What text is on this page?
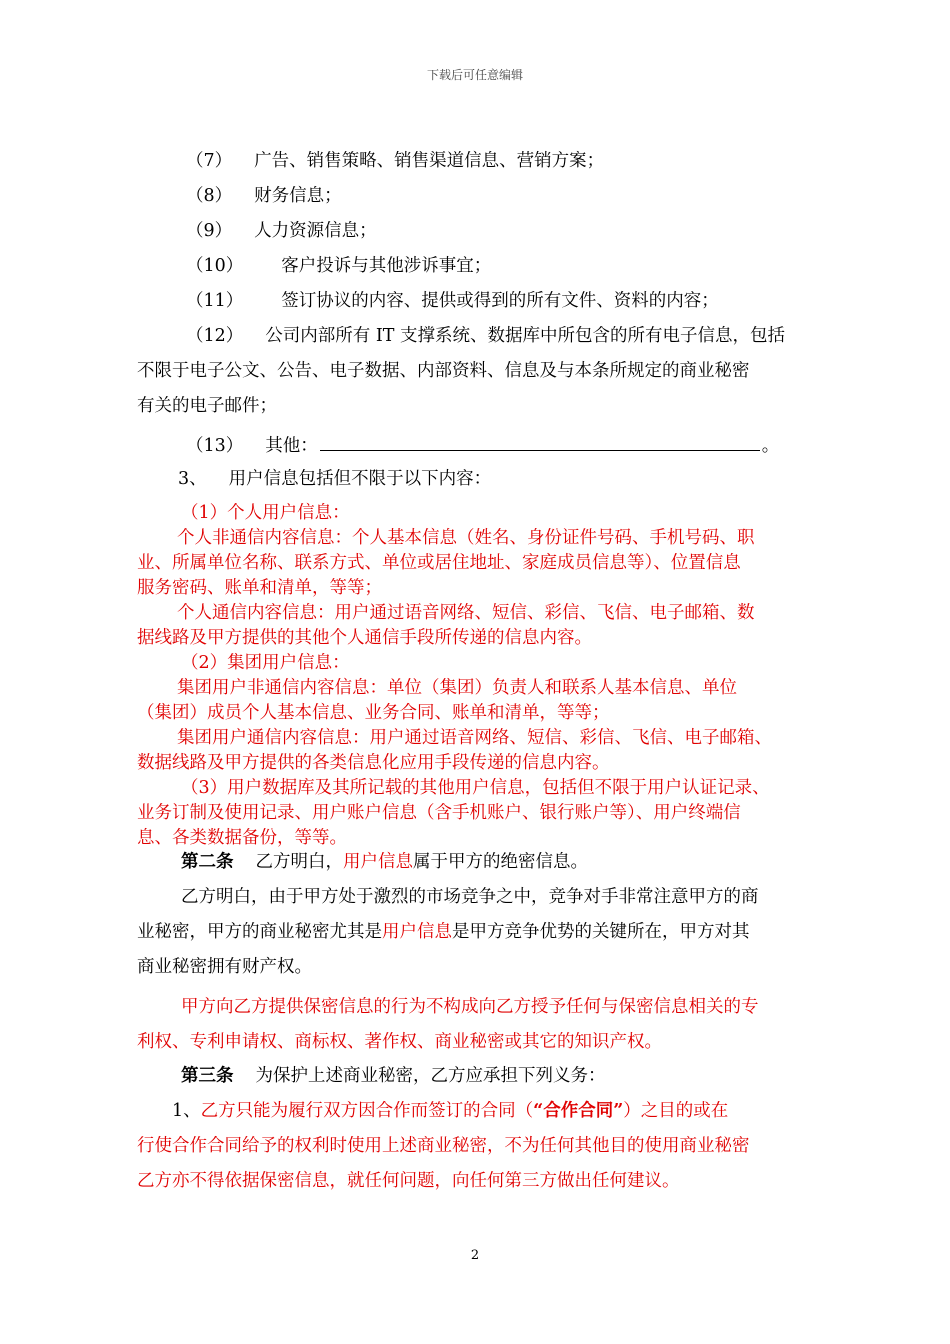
下载后可任意编辑
（7） 广告、销售策略、销售渠道信息、营销方案；
（8） 财务信息；
（9） 人力资源信息；
（10） 客户投诉与其他涉诉事宜；
（11） 签订协议的内容、提供或得到的所有文件、资料的内容；
（12） 公司内部所有 IT 支撑系统、数据库中所包含的所有电子信息，包括
不限于电子公文、公告、电子数据、内部资料、信息及与本条所规定的商业秘密
有关的电子邮件；
（13） 其他：	。
3、 用户信息包括但不限于以下内容：
（1）个人用户信息：
个人非通信内容信息：个人基本信息（姓名、身份证件号码、手机号码、职
业、所属单位名称、联系方式、单位或居住地址、家庭成员信息等）、位置信息
服务密码、账单和清单，等等；
个人通信内容信息：用户通过语音网络、短信、彩信、飞信、电子邮箱、数
据线路及甲方提供的其他个人通信手段所传递的信息内容。
（2）集团用户信息：
集团用户非通信内容信息：单位（集团）负责人和联系人基本信息、单位
（集团）成员个人基本信息、业务合同、账单和清单，等等；
集团用户通信内容信息：用户通过语音网络、短信、彩信、飞信、电子邮箱、
数据线路及甲方提供的各类信息化应用手段传递的信息内容。
（3）用户数据库及其所记载的其他用户信息，包括但不限于用户认证记录、
业务订制及使用记录、用户账户信息（含手机账户、银行账户等）、用户终端信
息、各类数据备份，等等。
第二条 乙方明白，用户信息属于甲方的绝密信息。
乙方明白，由于甲方处于激烈的市场竞争之中，竞争对手非常注意甲方的商
业秘密，甲方的商业秘密尤其是用户信息是甲方竞争优势的关键所在，甲方对其
商业秘密拥有财产权。
甲方向乙方提供保密信息的行为不构成向乙方授予任何与保密信息相关的专
利权、专利申请权、商标权、著作权、商业秘密或其它的知识产权。
第三条 为保护上述商业秘密，乙方应承担下列义务：
1、乙方只能为履行双方因合作而签订的合同（“合作合同”）之目的或在
行使合作合同给予的权利时使用上述商业秘密，不为任何其他目的使用商业秘密
乙方亦不得依据保密信息，就任何问题，向任何第三方做出任何建议。
2
